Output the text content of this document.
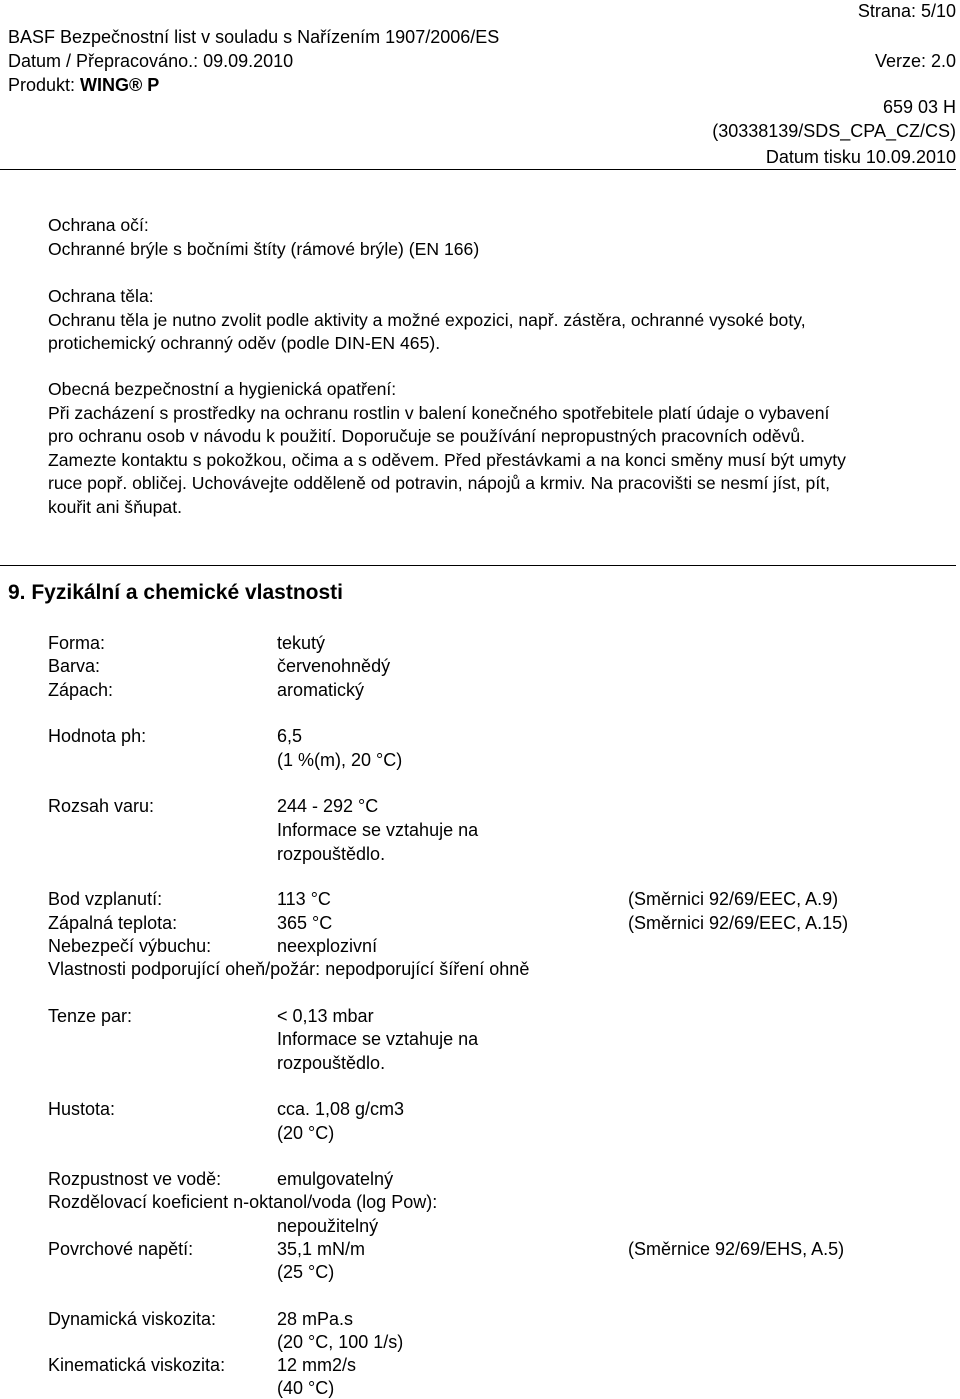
Strana: 5/10
BASF Bezpečnostní list v souladu s Nařízením 1907/2006/ES
Datum / Přepracováno.: 09.09.2010	Verze: 2.0
Produkt: WING® P
659 03 H
(30338139/SDS_CPA_CZ/CS)
Datum tisku 10.09.2010
Ochrana očí:
Ochranné brýle s bočními štíty (rámové brýle) (EN 166)
Ochrana těla:
Ochranu těla je nutno zvolit podle aktivity a možné expozici, např. zástěra, ochranné vysoké boty,
protichemický ochranný oděv (podle DIN-EN 465).
Obecná bezpečnostní a hygienická opatření:
Při zacházení s prostředky na ochranu rostlin v balení konečného spotřebitele platí údaje o vybavení
pro ochranu osob v návodu k použití. Doporučuje se používání nepropustných pracovních oděvů.
Zamezte kontaktu s pokožkou, očima a s oděvem. Před přestávkami a na konci směny musí být umyty
ruce popř. obličej. Uchovávejte odděleně od potravin, nápojů a krmiv. Na pracovišti se nesmí jíst, pít,
kouřit ani šňupat.
9. Fyzikální a chemické vlastnosti
Forma:	tekutý
Barva:	červenohnědý
Zápach:	aromatický
Hodnota ph:	6,5
(1 %(m), 20 °C)
Rozsah varu:	244 - 292 °C
Informace se vztahuje na
rozpouštědlo.
Bod vzplanutí:	113 °C	(Směrnici 92/69/EEC, A.9)
Zápalná teplota:	365 °C	(Směrnici 92/69/EEC, A.15)
Nebezpečí výbuchu:	neexplozivní
Vlastnosti podporující oheň/požár: nepodporující šíření ohně
Tenze par:	< 0,13 mbar
Informace se vztahuje na
rozpouštědlo.
Hustota:	cca. 1,08 g/cm3
(20 °C)
Rozpustnost ve vodě:	emulgovatelný
Rozdělovací koeficient n-oktanol/voda (log Pow):
nepoužitelný
Povrchové napětí:	35,1 mN/m	(Směrnice 92/69/EHS, A.5)
(25 °C)
Dynamická viskozita:	28 mPa.s
(20 °C, 100 1/s)
Kinematická viskozita:	12 mm2/s
(40 °C)
